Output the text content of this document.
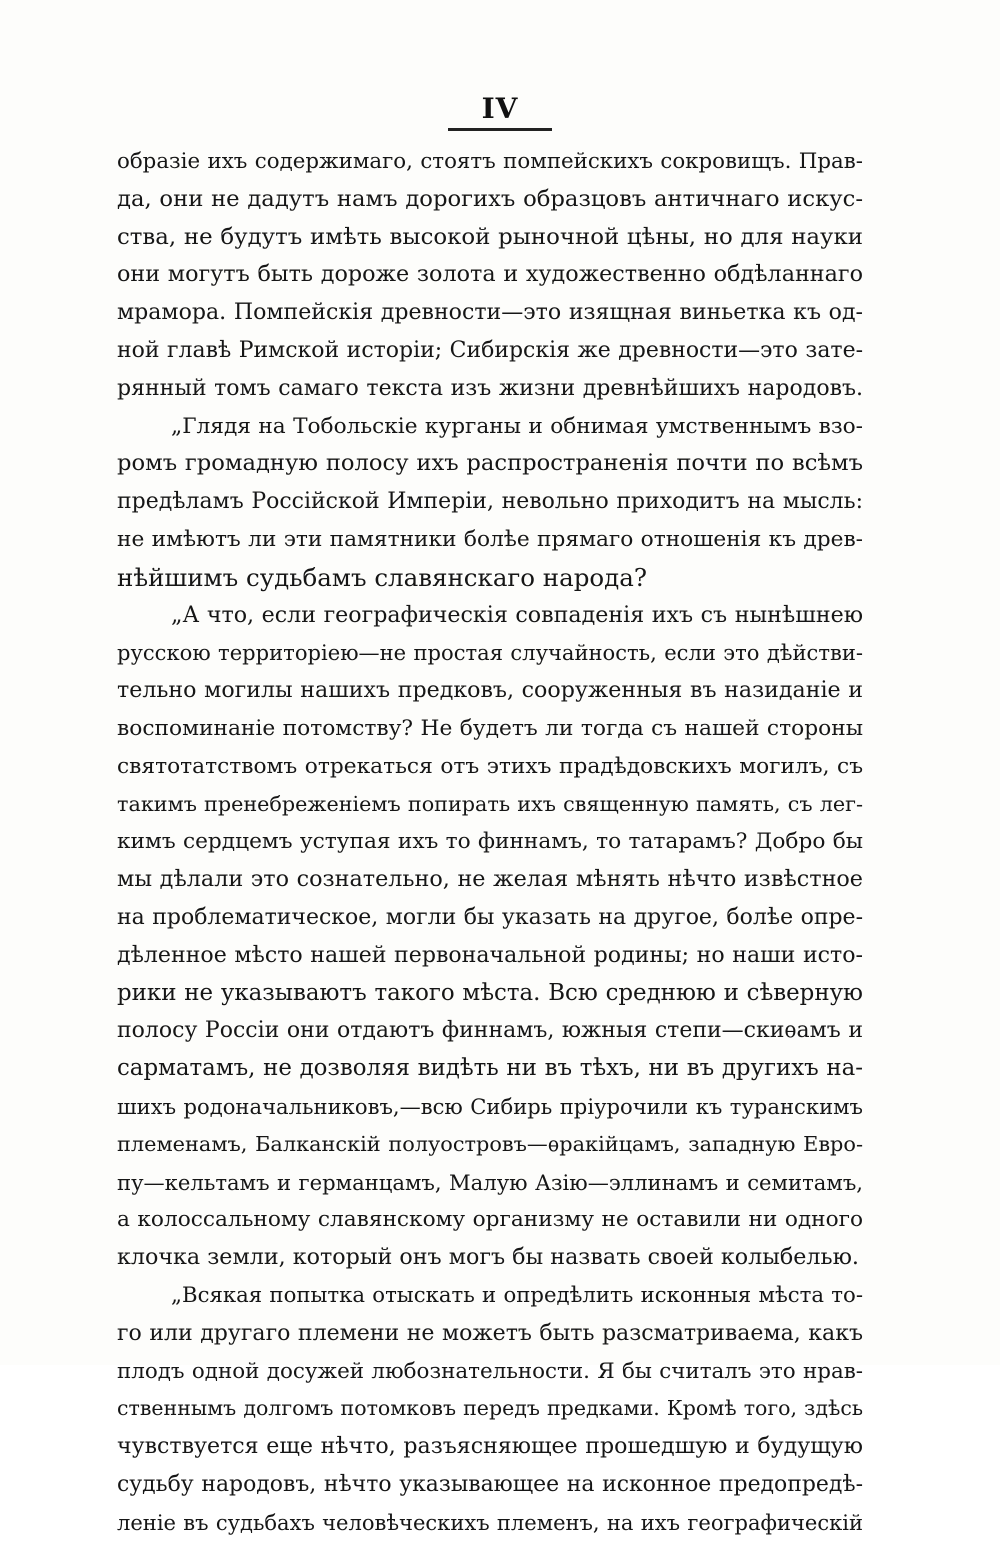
IV
образіе ихъ содержимаго, стоятъ помпейскихъ сокровищъ. Прав-
да, они не дадутъ намъ дорогихъ образцовъ античнаго искус-
ства, не будутъ имѣть высокой рыночной цѣны, но для науки
они могутъ быть дороже золота и художественно обдѣланнаго
мрамора. Помпейскія древности—это изящная виньетка къ од-
ной главѣ Римской исторіи; Сибирскія же древности—это зате-
рянный томъ самаго текста изъ жизни древнѣйшихъ народовъ.
„Глядя на Тобольскіе курганы и обнимая умственнымъ взо-
ромъ громадную полосу ихъ распространенія почти по всѣмъ
предѣламъ Россійской Имперіи, невольно приходитъ на мысль:
не имѣютъ ли эти памятники болѣе прямаго отношенія къ древ-
нѣйшимъ судьбамъ славянскаго народа?
„А что, если географическія совпаденія ихъ съ нынѣшнею
русскою территоріею—не простая случайность, если это дѣйстви-
тельно могилы нашихъ предковъ, сооруженныя въ назиданіе и
воспоминаніе потомству? Не будетъ ли тогда съ нашей стороны
святотатствомъ отрекаться отъ этихъ прадѣдовскихъ могилъ, съ
такимъ пренебреженіемъ попирать ихъ священную память, съ лег-
кимъ сердцемъ уступая ихъ то финнамъ, то татарамъ? Добро бы
мы дѣлали это сознательно, не желая мѣнять нѣчто извѣстное
на проблематическое, могли бы указать на другое, болѣе опре-
дѣленное мѣсто нашей первоначальной родины; но наши исто-
рики не указываютъ такого мѣста. Всю среднюю и сѣверную
полосу Россіи они отдаютъ финнамъ, южныя степи—скиѳамъ и
сарматамъ, не дозволяя видѣть ни въ тѣхъ, ни въ другихъ на-
шихъ родоначальниковъ,—всю Сибирь пріурочили къ туранскимъ
племенамъ, Балканскій полуостровъ—ѳракійцамъ, западную Евро-
пу—кельтамъ и германцамъ, Малую Азію—эллинамъ и семитамъ,
а колоссальному славянскому организму не оставили ни одного
клочка земли, который онъ могъ бы назвать своей колыбелью.
„Всякая попытка отыскать и опредѣлить исконныя мѣста то-
го или другаго племени не можетъ быть разсматриваема, какъ
плодъ одной досужей любознательности. Я бы считалъ это нрав-
ственнымъ долгомъ потомковъ передъ предками. Кромѣ того, здѣсь
чувствуется еще нѣчто, разъясняющее прошедшую и будущую
судьбу народовъ, нѣчто указывающее на исконное предопредѣ-
леніе въ судьбахъ человѣческихъ племенъ, на ихъ географическій
